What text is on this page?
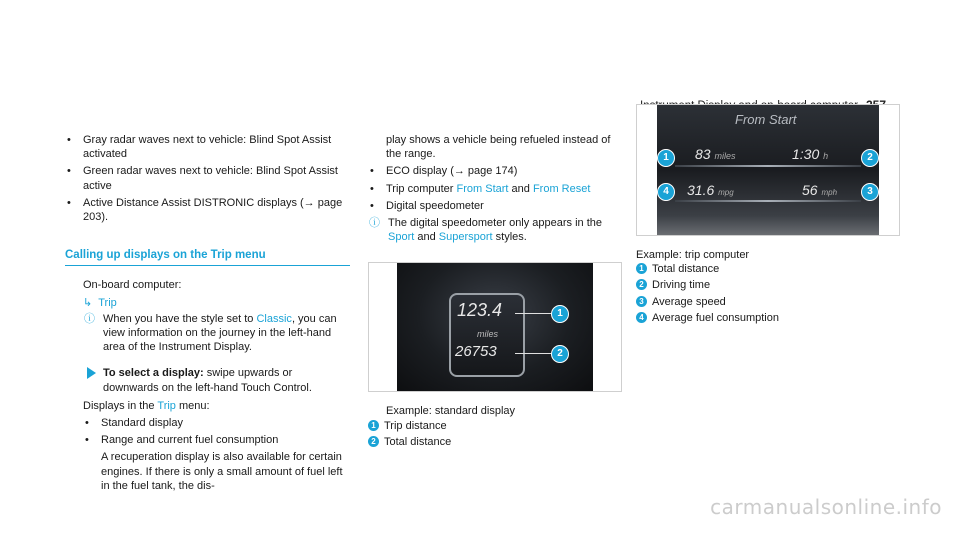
• Gray radar waves next to vehicle: Blind Spot Assist activated
• Green radar waves next to vehicle: Blind Spot Assist active
• Active Distance Assist DISTRONIC displays (→ page 203).
Calling up displays on the Trip menu
On-board computer:
↳ Trip
ⓘ When you have the style set to Classic, you can view information on the journey in the left-hand area of the Instrument Display.
To select a display: swipe upwards or downwards on the left-hand Touch Control.
Displays in the Trip menu:
• Standard display
• Range and current fuel consumption
A recuperation display is also available for certain engines. If there is only a small amount of fuel left in the fuel tank, the dis-
play shows a vehicle being refueled instead of the range.
• ECO display (→ page 174)
• Trip computer From Start and From Reset
• Digital speedometer
ⓘ The digital speedometer only appears in the Sport and Supersport styles.
123.4
miles
26753
1
2
Example: standard display
1 Trip distance
2 Total distance
From Start
83 miles	1:30 h
31.6 mpg	56 mph
1	2
4	3
Example: trip computer
1 Total distance
2 Driving time
3 Average speed
4 Average fuel consumption
carmanualsonline.info
